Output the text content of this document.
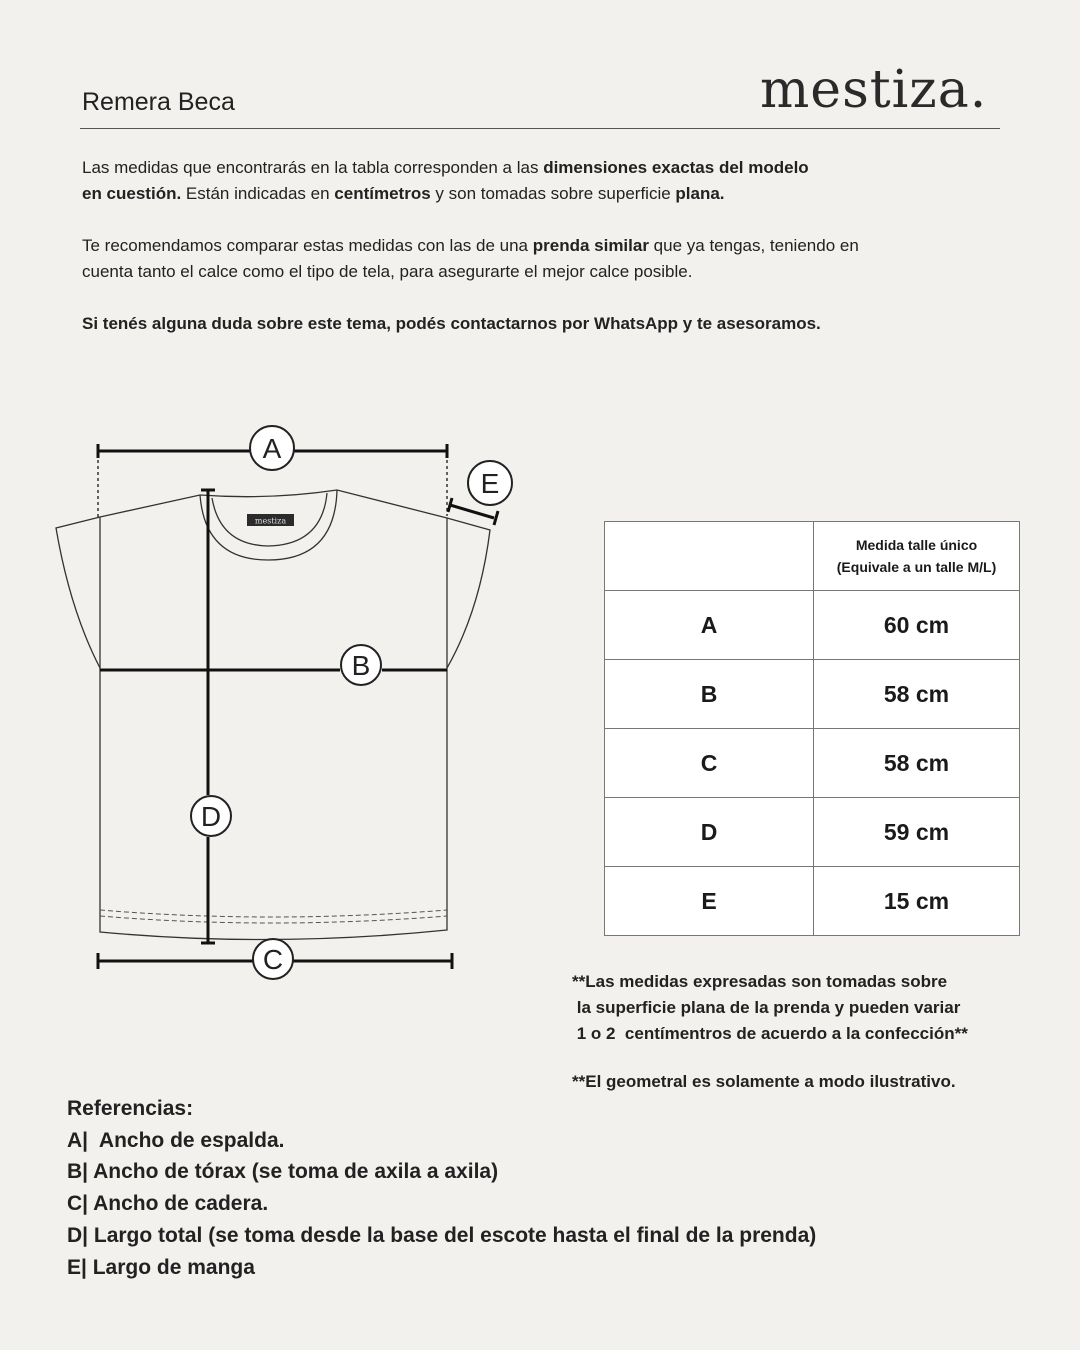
Remera Beca	mestiza.
Las medidas que encontrarás en la tabla corresponden a las dimensiones exactas del modelo
en cuestión. Están indicadas en centímetros y son tomadas sobre superficie plana.
Te recomendamos comparar estas medidas con las de una prenda similar que ya tengas, teniendo en
cuenta tanto el calce como el tipo de tela, para asegurarte el mejor calce posible.
Si tenés alguna duda sobre este tema, podés contactarnos por WhatsApp y te asesoramos.
mestiza
A
E
B
D
C

	Medida talle único
(Equivale a un talle M/L)

A	60 cm
B	58 cm
C	58 cm
D	59 cm
E	15 cm
**Las medidas expresadas son tomadas sobre
la superficie plana de la prenda y pueden variar
1 o 2  centímentros de acuerdo a la confección**
**El geometral es solamente a modo ilustrativo.
Referencias:
A|  Ancho de espalda.
B| Ancho de tórax (se toma de axila a axila)
C| Ancho de cadera.
D| Largo total (se toma desde la base del escote hasta el final de la prenda)
E| Largo de manga
